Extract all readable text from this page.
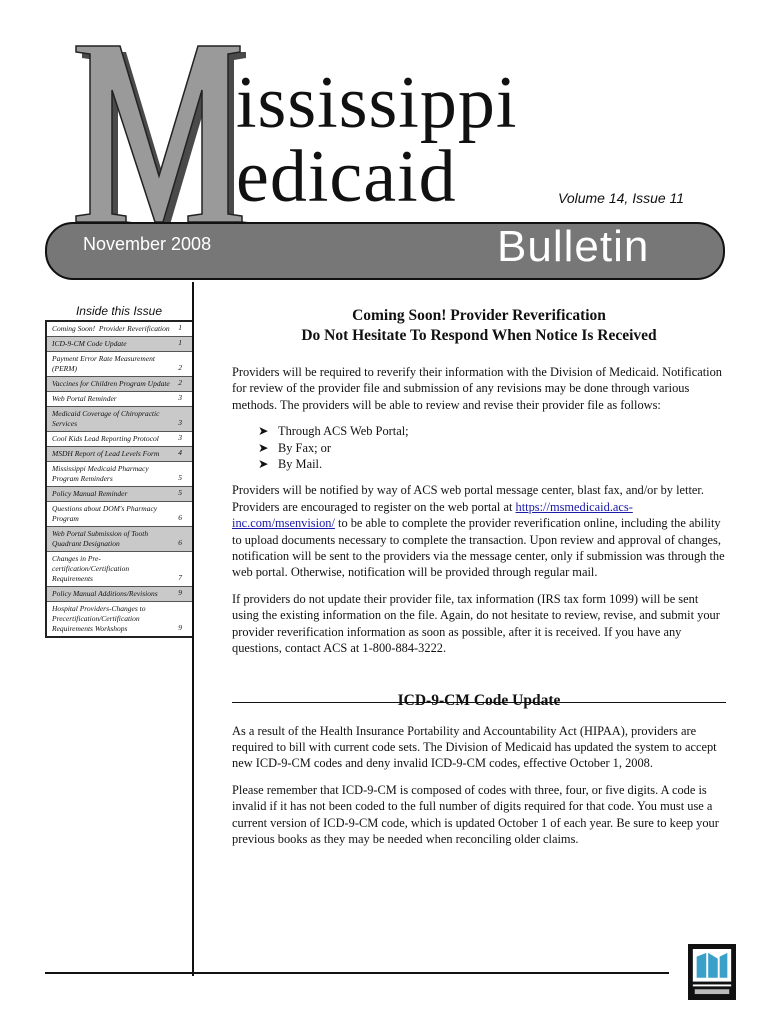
ississippi
edicaid	Volume 14, Issue 11
November 2008	Bulletin
Inside this Issue
Coming Soon!  Provider Reverification 1
ICD-9-CM Code Update	1
Payment Error Rate Measurement (PERM)	2
Vaccines for Children Program Update 2
Web Portal Reminder	3
Medicaid Coverage of Chiropractic Services	3
Cool Kids Lead Reporting Protocol	3
MSDH Report of Lead Levels Form	4
Mississippi Medicaid Pharmacy Program Reminders	5
Policy Manual Reminder	5
Questions about DOM's Pharmacy Program	6
Web Portal Submission of Tooth Quadrant Designation	6
Changes in Pre-certification/Certification Requirements	7
Policy Manual Additions/Revisions	9
Hospital Providers-Changes to Precertification/Certification Requirements Workshops	9

Coming Soon! Provider Reverification
Do Not Hesitate To Respond When Notice Is Received

Providers will be required to reverify their information with the Division of Medicaid. Notification for review of the provider file and submission of any revisions may be done through various methods. The providers will be able to review and revise their provider file as follows:

➤ Through ACS Web Portal;
➤ By Fax; or
➤ By Mail.

Providers will be notified by way of ACS web portal message center, blast fax, and/or by letter. Providers are encouraged to register on the web portal at https://msmedicaid.acs-inc.com/msenvision/ to be able to complete the provider reverification online, including the ability to upload documents necessary to complete the transaction. Upon review and approval of changes, notification will be sent to the providers via the message center, only if submission was through the web portal. Otherwise, notification will be provided through regular mail.

If providers do not update their provider file, tax information (IRS tax form 1099) will be sent using the existing information on the file. Again, do not hesitate to review, revise, and submit your provider reverification information as soon as possible, after it is received. If you have any questions, contact ACS at 1-800-884-3222.

ICD-9-CM Code Update

As a result of the Health Insurance Portability and Accountability Act (HIPAA), providers are required to bill with current code sets. The Division of Medicaid has updated the system to accept new ICD-9-CM codes and deny invalid ICD-9-CM codes, effective October 1, 2008.

Please remember that ICD-9-CM is composed of codes with three, four, or five digits. A code is invalid if it has not been coded to the full number of digits required for that code. You must use a current version of ICD-9-CM code, which is updated October 1 of each year. Be sure to keep your previous books as they may be needed when reconciling older claims.
